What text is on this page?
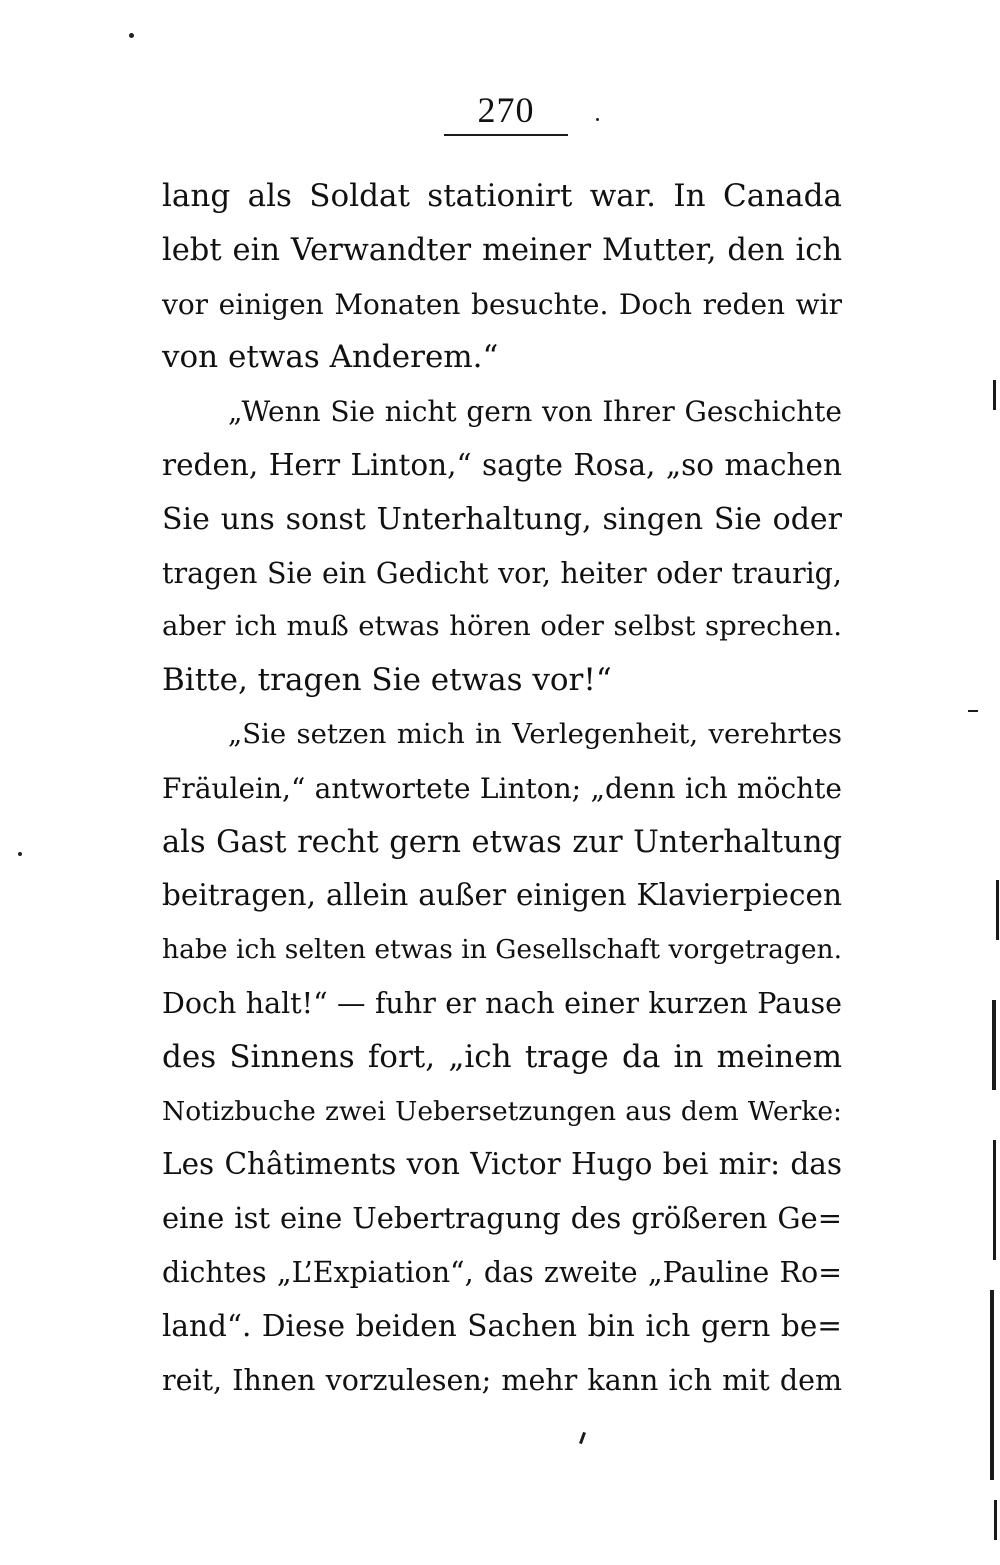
270
lang als Soldat stationirt war. In Canada
lebt ein Verwandter meiner Mutter, den ich
vor einigen Monaten besuchte. Doch reden wir
von etwas Anderem.“
„Wenn Sie nicht gern von Ihrer Geschichte
reden, Herr Linton,“ sagte Rosa, „so machen
Sie uns sonst Unterhaltung, singen Sie oder
tragen Sie ein Gedicht vor, heiter oder traurig,
aber ich muß etwas hören oder selbst sprechen.
Bitte, tragen Sie etwas vor!“
„Sie setzen mich in Verlegenheit, verehrtes
Fräulein,“ antwortete Linton; „denn ich möchte
als Gast recht gern etwas zur Unterhaltung
beitragen, allein außer einigen Klavierpiecen
habe ich selten etwas in Gesellschaft vorgetragen.
Doch halt!“ — fuhr er nach einer kurzen Pause
des Sinnens fort, „ich trage da in meinem
Notizbuche zwei Uebersetzungen aus dem Werke:
Les Châtiments von Victor Hugo bei mir: das
eine ist eine Uebertragung des größeren Ge=
dichtes „L’Expiation“, das zweite „Pauline Ro=
land“. Diese beiden Sachen bin ich gern be=
reit, Ihnen vorzulesen; mehr kann ich mit dem
